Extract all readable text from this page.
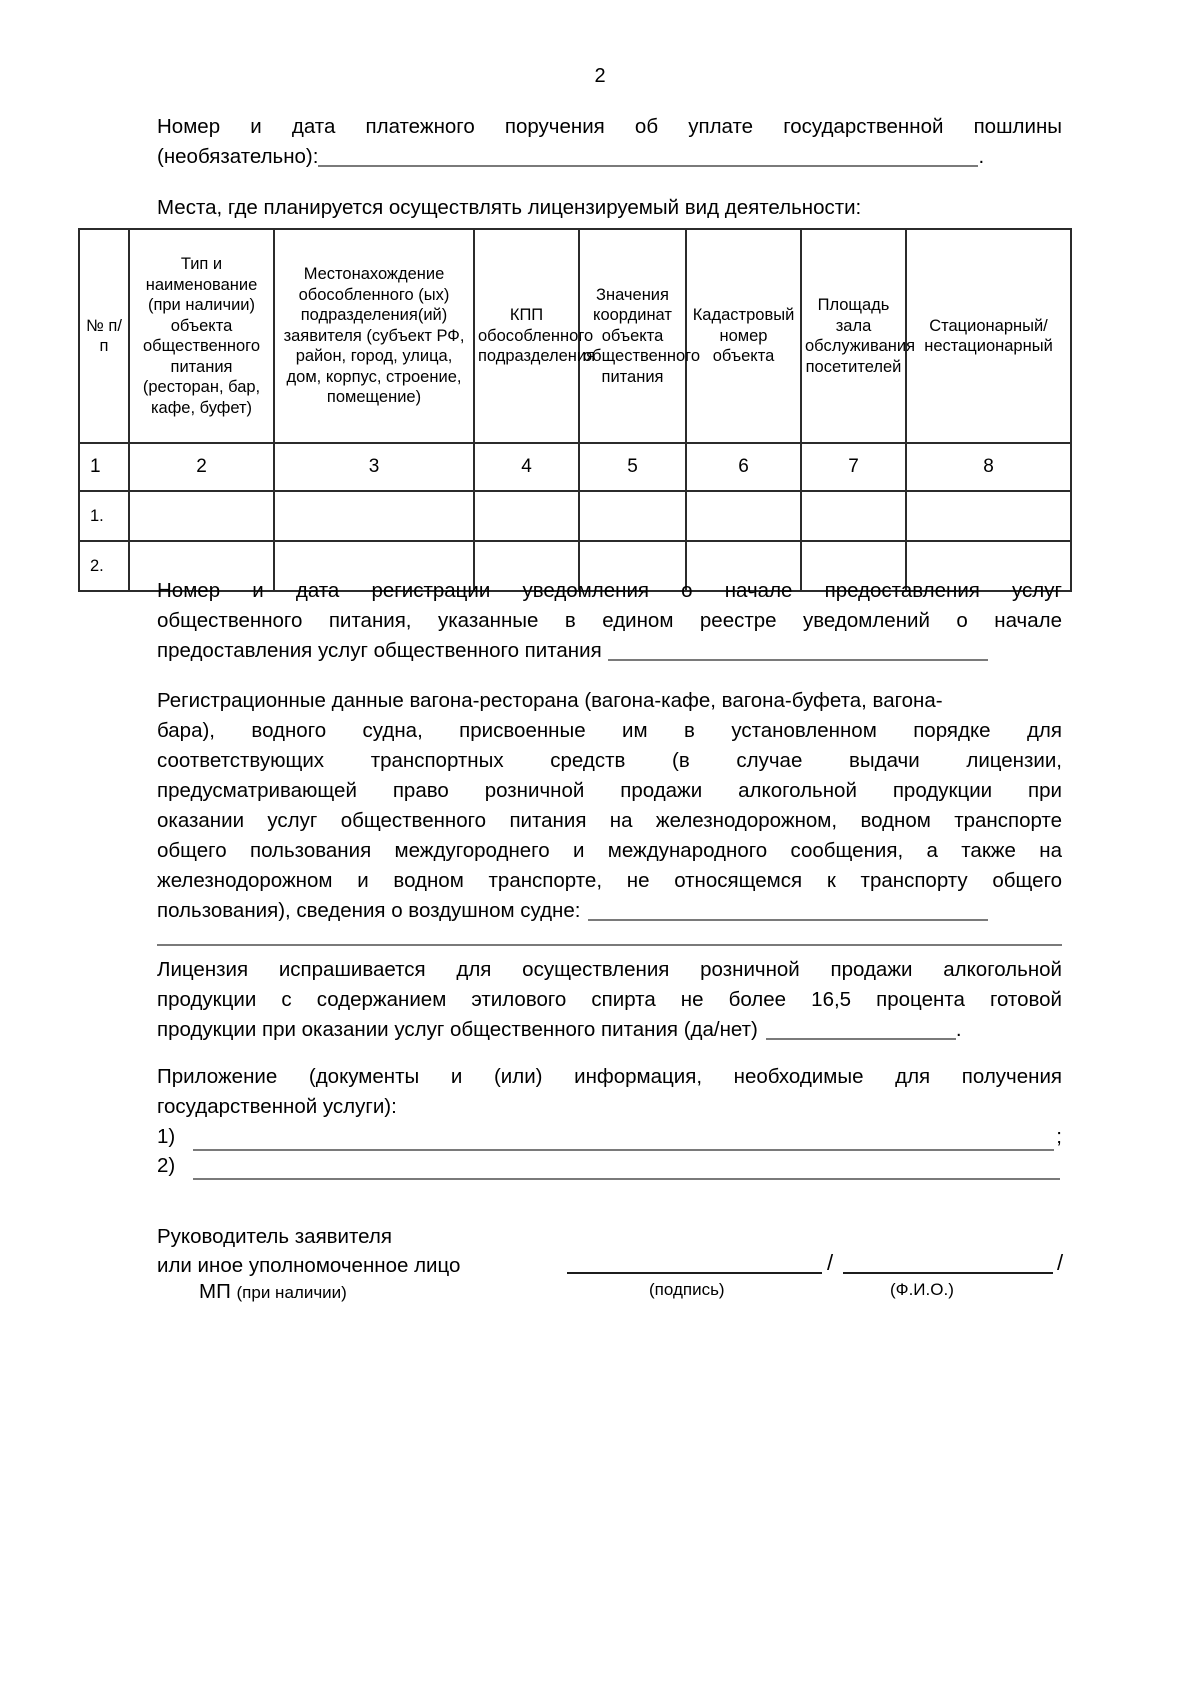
2
Номер и дата платежного поручения об уплате государственной пошлины
(необязательно):	.
Места, где планируется осуществлять лицензируемый вид деятельности:
№ п/п	Тип и наименование (при наличии) объекта общественного питания (ресторан, бар, кафе, буфет)	Местонахождение обособленного (ых) подразделения(ий) заявителя (субъект РФ, район, город, улица, дом, корпус, строение, помещение)	КПП обособленного подразделения	Значения координат объекта общественного питания	Кадастровый номер объекта	Площадь зала обслуживания посетителей	Стационарный/ нестационарный
1	2	3	4	5	6	7	8
1.							
2.							
Номер и дата регистрации уведомления о начале предоставления услуг
общественного питания, указанные в едином реестре уведомлений о начале
предоставления услуг общественного питания
Регистрационные данные вагона-ресторана (вагона-кафе, вагона-буфета, вагона-
бара), водного судна, присвоенные им в установленном порядке для
соответствующих транспортных средств (в случае выдачи лицензии,
предусматривающей право розничной продажи алкогольной продукции при
оказании услуг общественного питания на железнодорожном, водном транспорте
общего пользования междугороднего и международного сообщения, а также на
железнодорожном и водном транспорте, не относящемся к транспорту общего
пользования), сведения о воздушном судне:
Лицензия испрашивается для осуществления розничной продажи алкогольной
продукции с содержанием этилового спирта не более 16,5 процента готовой
продукции при оказании услуг общественного питания (да/нет)	.
Приложение (документы и (или) информация, необходимые для получения
государственной услуги):
1)	;
2)
Руководитель заявителя
или иное уполномоченное лицо
МП (при наличии)
/	/
(подпись)	(Ф.И.О.)
